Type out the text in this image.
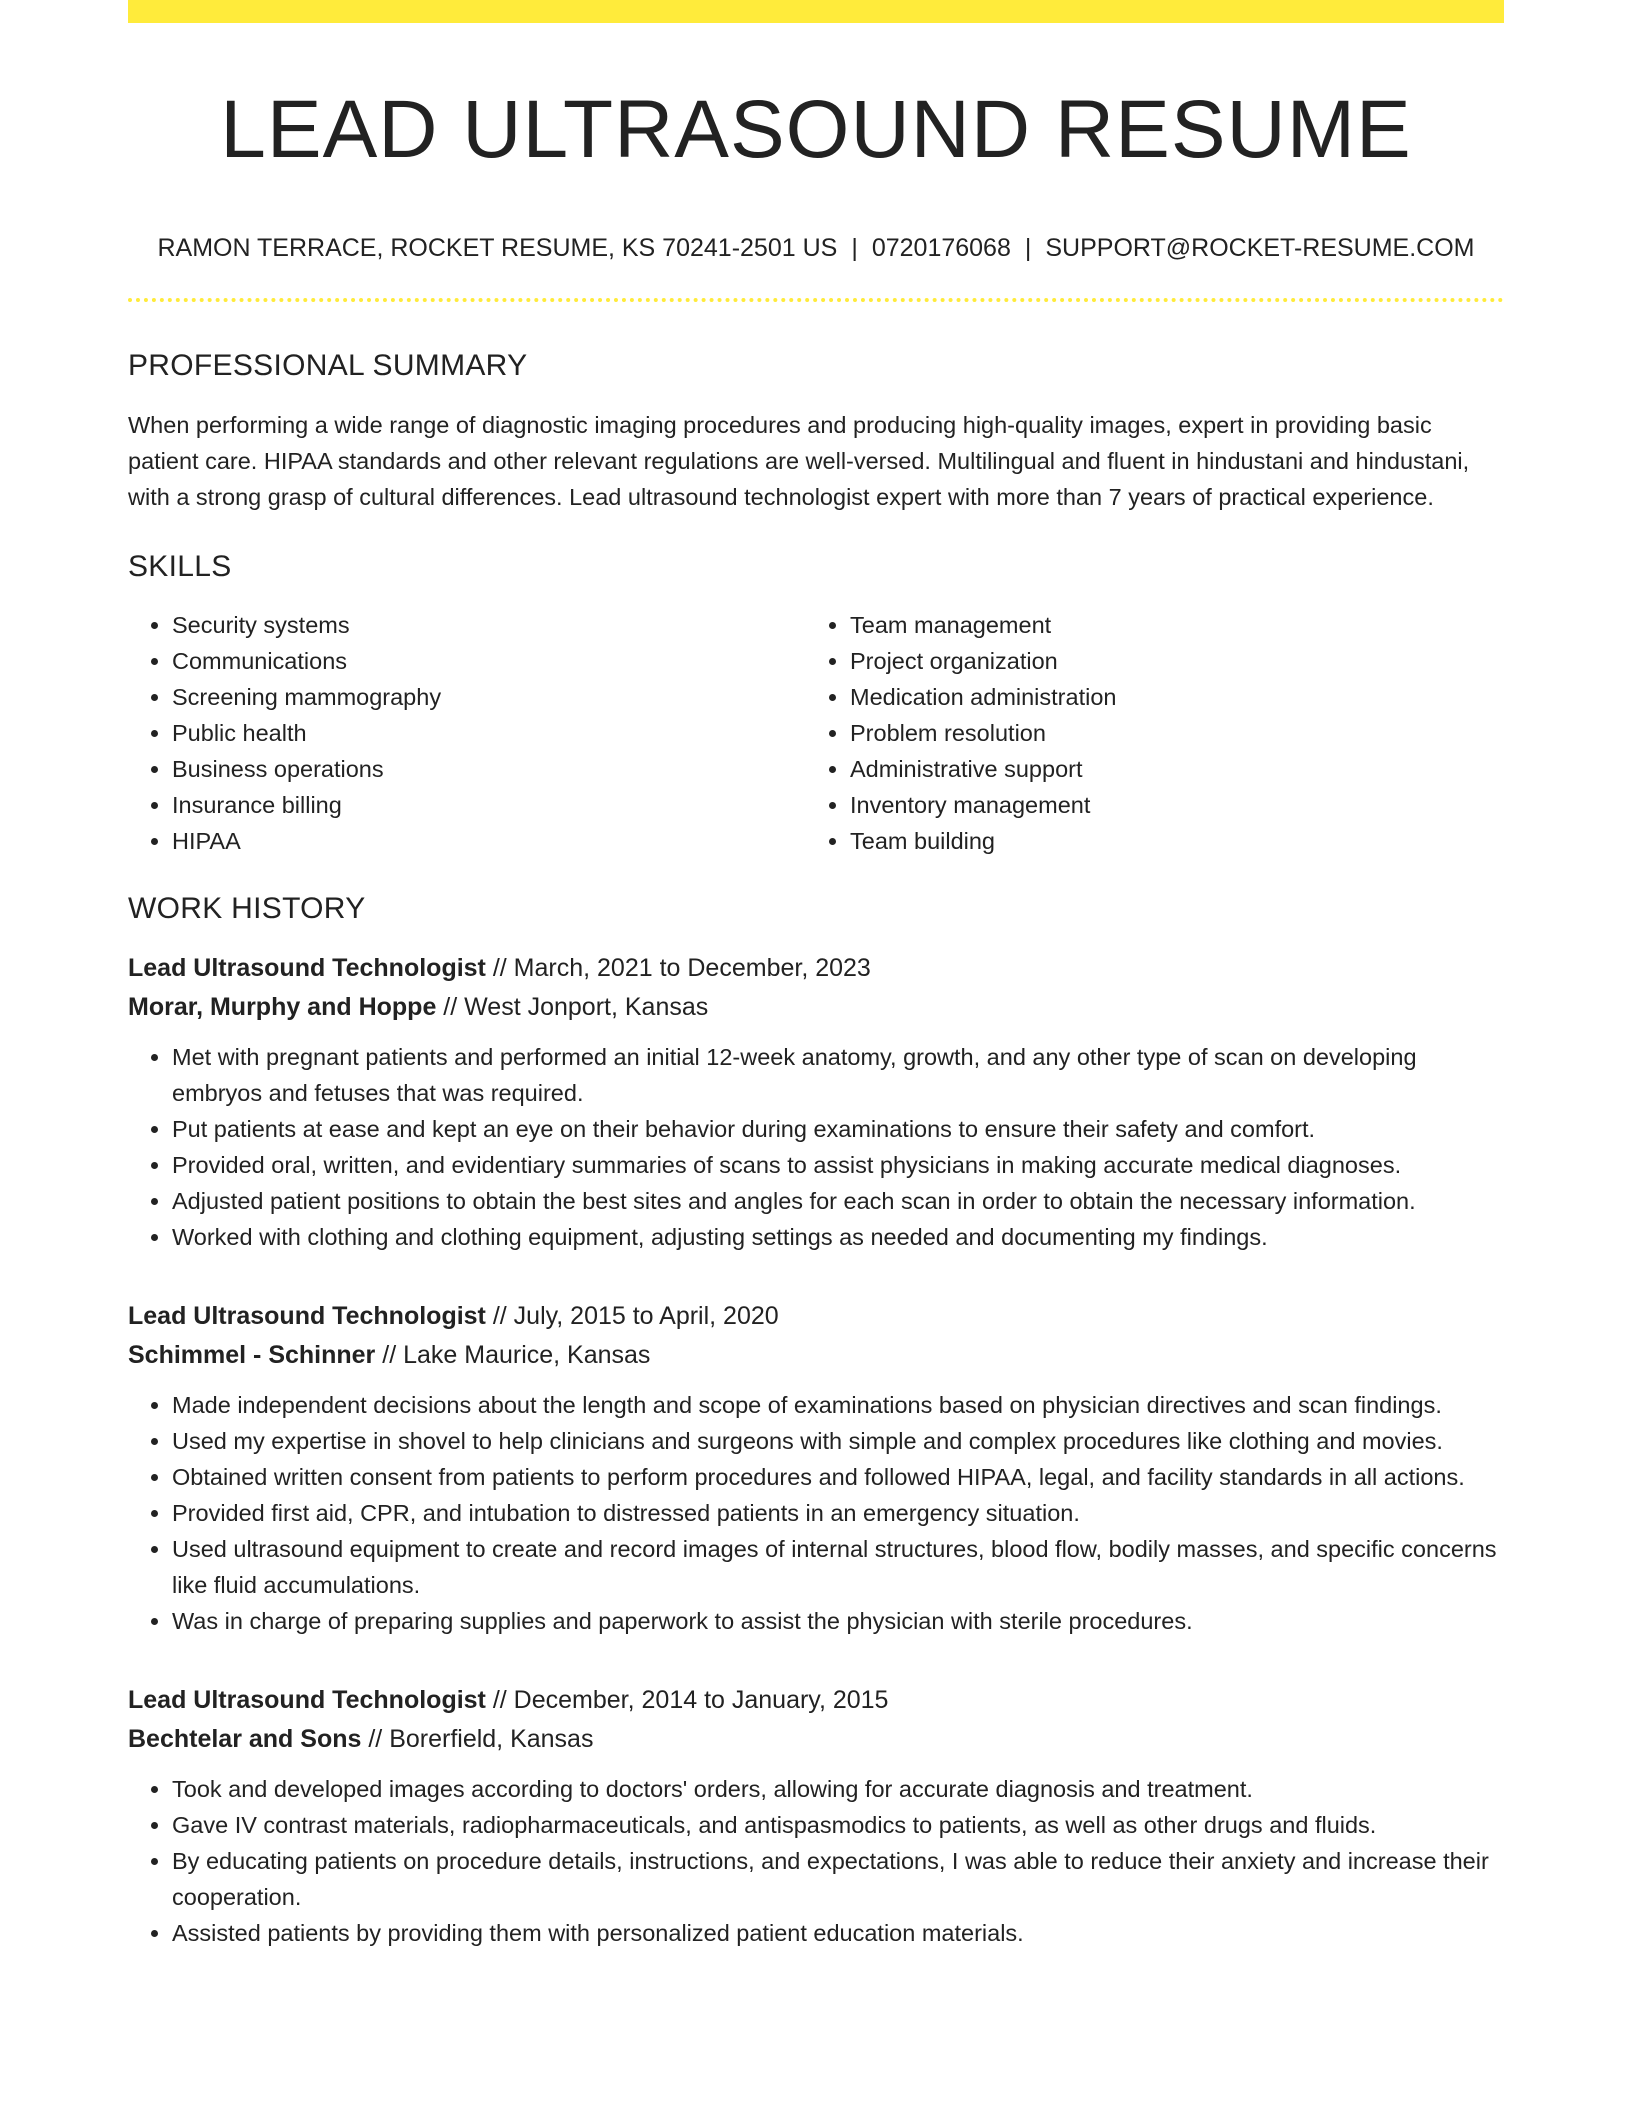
LEAD ULTRASOUND RESUME
RAMON TERRACE, ROCKET RESUME, KS 70241-2501 US | 0720176068 | SUPPORT@ROCKET-RESUME.COM
PROFESSIONAL SUMMARY

When performing a wide range of diagnostic imaging procedures and producing high-quality images, expert in providing basic patient care. HIPAA standards and other relevant regulations are well-versed. Multilingual and fluent in hindustani and hindustani, with a strong grasp of cultural differences. Lead ultrasound technologist expert with more than 7 years of practical experience.

SKILLS
• Security systems
• Communications
• Screening mammography
• Public health
• Business operations
• Insurance billing
• HIPAA
• Team management
• Project organization
• Medication administration
• Problem resolution
• Administrative support
• Inventory management
• Team building
WORK HISTORY
Lead Ultrasound Technologist // March, 2021 to December, 2023
Morar, Murphy and Hoppe // West Jonport, Kansas
• Met with pregnant patients and performed an initial 12-week anatomy, growth, and any other type of scan on developing embryos and fetuses that was required.
• Put patients at ease and kept an eye on their behavior during examinations to ensure their safety and comfort.
• Provided oral, written, and evidentiary summaries of scans to assist physicians in making accurate medical diagnoses.
• Adjusted patient positions to obtain the best sites and angles for each scan in order to obtain the necessary information.
• Worked with clothing and clothing equipment, adjusting settings as needed and documenting my findings.
Lead Ultrasound Technologist // July, 2015 to April, 2020
Schimmel - Schinner // Lake Maurice, Kansas
• Made independent decisions about the length and scope of examinations based on physician directives and scan findings.
• Used my expertise in shovel to help clinicians and surgeons with simple and complex procedures like clothing and movies.
• Obtained written consent from patients to perform procedures and followed HIPAA, legal, and facility standards in all actions.
• Provided first aid, CPR, and intubation to distressed patients in an emergency situation.
• Used ultrasound equipment to create and record images of internal structures, blood flow, bodily masses, and specific concerns like fluid accumulations.
• Was in charge of preparing supplies and paperwork to assist the physician with sterile procedures.
Lead Ultrasound Technologist // December, 2014 to January, 2015
Bechtelar and Sons // Borerfield, Kansas
• Took and developed images according to doctors' orders, allowing for accurate diagnosis and treatment.
• Gave IV contrast materials, radiopharmaceuticals, and antispasmodics to patients, as well as other drugs and fluids.
• By educating patients on procedure details, instructions, and expectations, I was able to reduce their anxiety and increase their cooperation.
• Assisted patients by providing them with personalized patient education materials.
